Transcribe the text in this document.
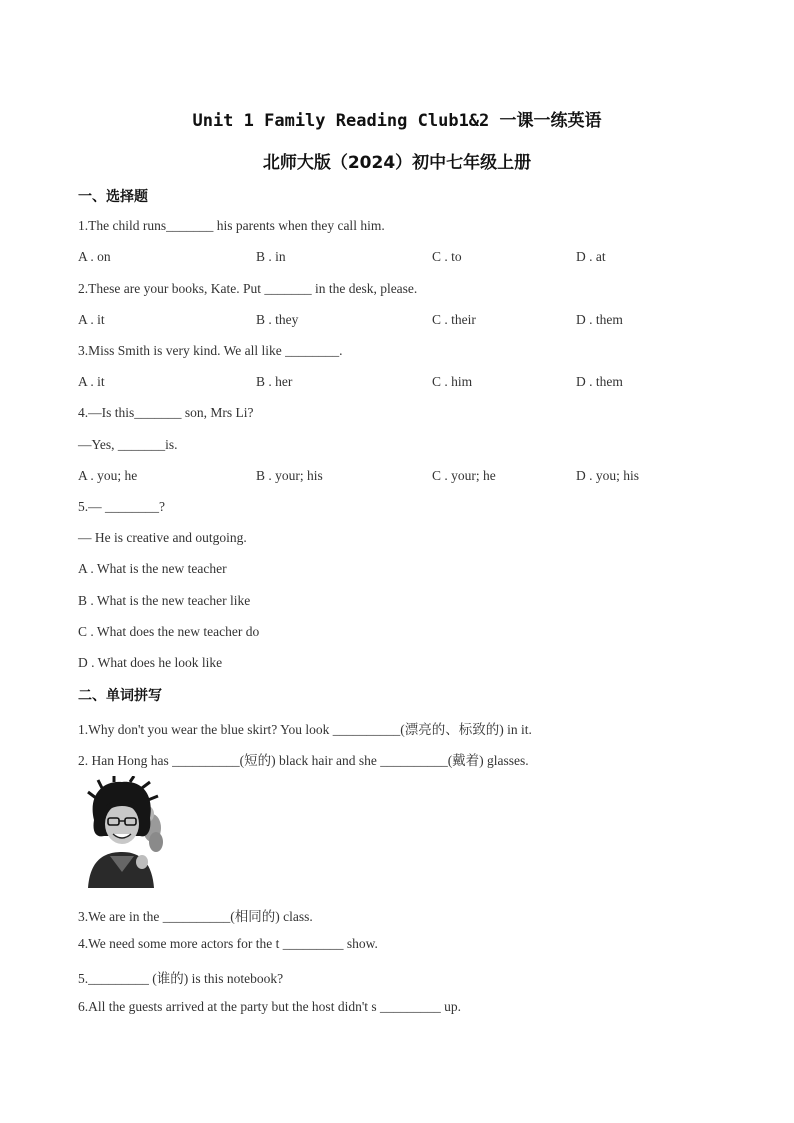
Unit 1 Family Reading Club1&2 一课一练英语
北师大版（2024）初中七年级上册
一、选择题
1.The child runs_______ his parents when they call him.
A . on	B . in	C . to	D . at
2.These are your books, Kate. Put _______ in the desk, please.
A . it	B . they	C . their	D . them
3.Miss Smith is very kind. We all like ________.
A . it	B . her	C . him	D . them
4.—Is this_______ son, Mrs Li?
—Yes, _______is.
A . you; he	B . your; his	C . your; he	D . you; his
5.— ________?
— He is creative and outgoing.
A . What is the new teacher
B . What is the new teacher like
C . What does the new teacher do
D . What does he look like
二、单词拼写
1.Why don't you wear the blue skirt? You look __________(漂亮的、标致的) in it.
2. Han Hong has __________(短的) black hair and she __________(戴着) glasses.
3.We are in the __________(相同的) class.
4.We need some more actors for the t _________ show.
5._________ (谁的) is this notebook?
6.All the guests arrived at the party but the host didn't s _________ up.
